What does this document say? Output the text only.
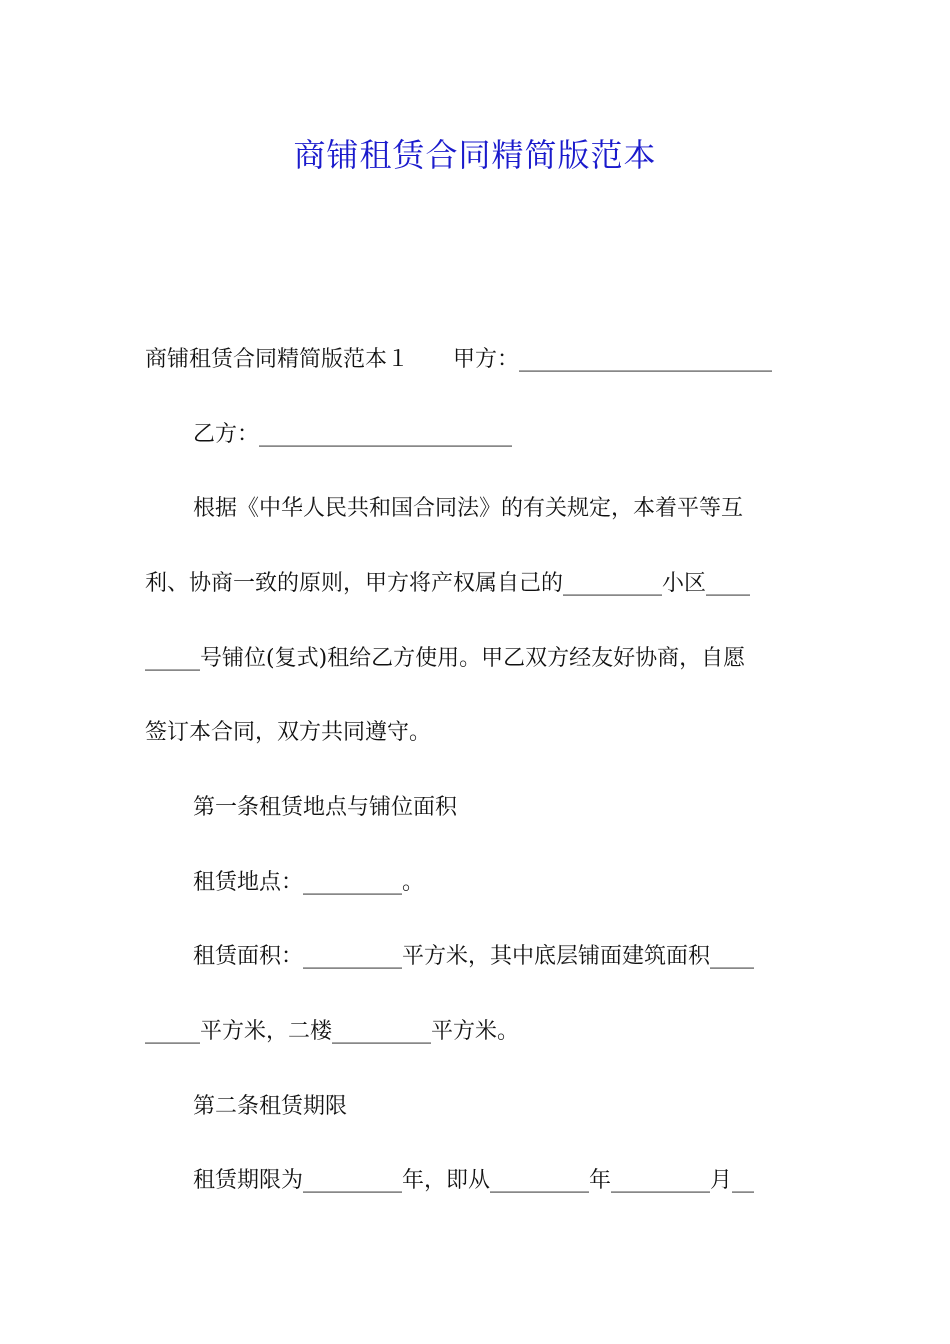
商铺租赁合同精简版范本
商铺租赁合同精简版范本１　　甲方：_______________________
乙方：_______________________
根据《中华人民共和国合同法》的有关规定，本着平等互
利、协商一致的原则，甲方将产权属自己的_________小区____
_____号铺位(复式)租给乙方使用。甲乙双方经友好协商，自愿
签订本合同，双方共同遵守。
第一条租赁地点与铺位面积
租赁地点：_________。
租赁面积：_________平方米，其中底层铺面建筑面积____
_____平方米，二楼_________平方米。
第二条租赁期限
租赁期限为_________年，即从_________年_________月__
